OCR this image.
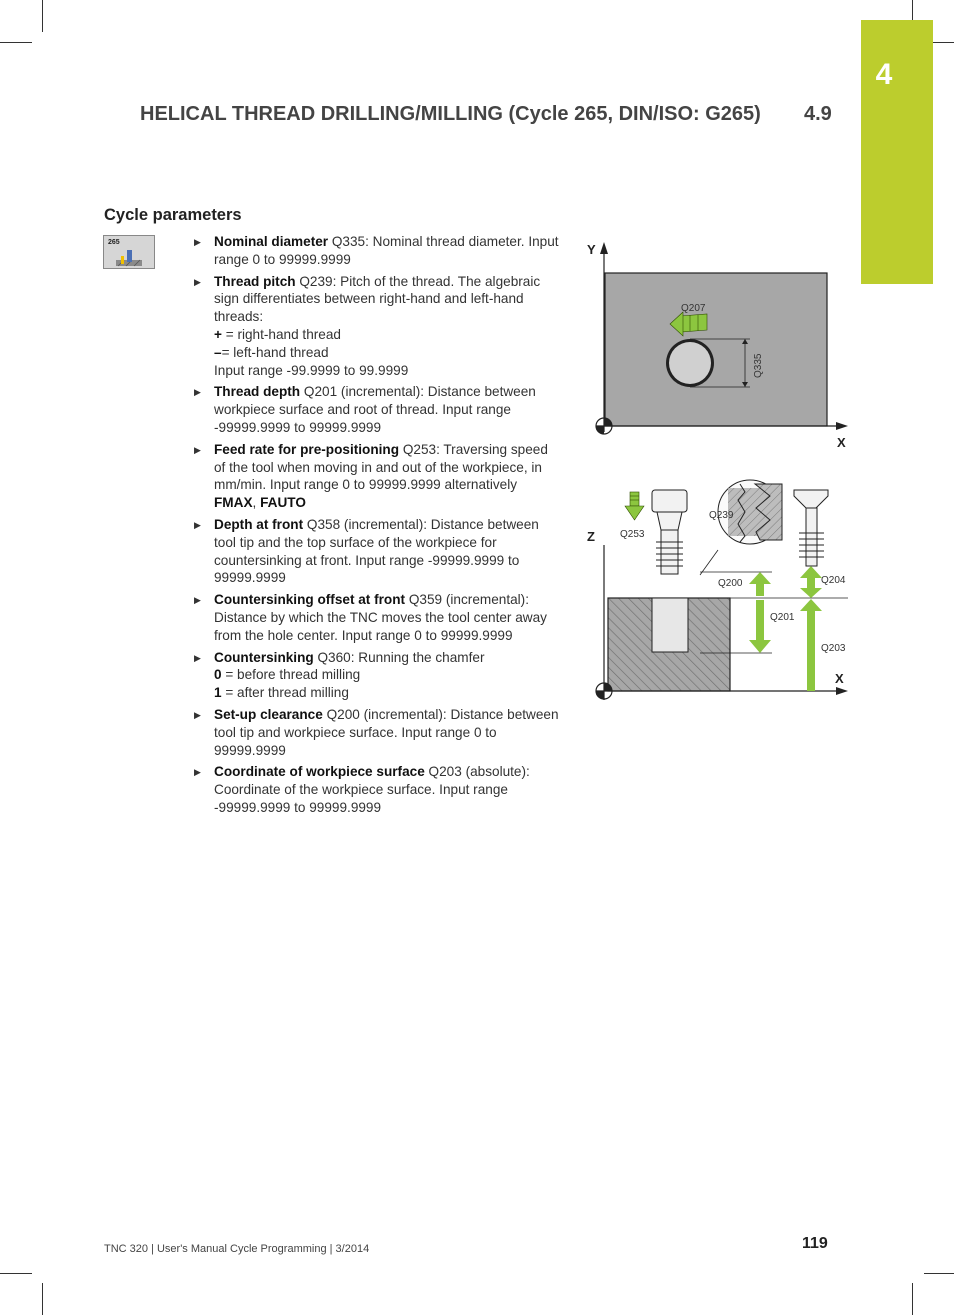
4
HELICAL THREAD DRILLING/MILLING (Cycle 265, DIN/ISO: G265) 4.9
Cycle parameters
265
▶	Nominal diameter Q335: Nominal thread diameter. Input range 0 to 99999.9999
▶ Thread pitch Q239: Pitch of the thread. The algebraic sign differentiates between right-hand and left-hand threads:
+ = right-hand thread
–= left-hand thread
Input range -99.9999 to 99.9999
▶ Thread depth Q201 (incremental): Distance between workpiece surface and root of thread. Input range -99999.9999 to 99999.9999
▶ Feed rate for pre-positioning Q253: Traversing speed of the tool when moving in and out of the workpiece, in mm/min. Input range 0 to 99999.9999 alternatively FMAX, FAUTO
▶ Depth at front Q358 (incremental): Distance between tool tip and the top surface of the workpiece for countersinking at front. Input range -99999.9999 to 99999.9999
▶ Countersinking offset at front Q359 (incremental): Distance by which the TNC moves the tool center away from the hole center. Input range 0 to 99999.9999
▶ Countersinking Q360: Running the chamfer
0 = before thread milling
1 = after thread milling
▶ Set-up clearance Q200 (incremental): Distance between tool tip and workpiece surface. Input range 0 to 99999.9999
▶ Coordinate of workpiece surface Q203 (absolute): Coordinate of the workpiece surface. Input range -99999.9999 to 99999.9999
Y
X
Q207
Q335
Z
X
Q253
Q239
Q200
Q201
Q204
Q203
TNC 320 | User's Manual Cycle Programming | 3/2014	119
